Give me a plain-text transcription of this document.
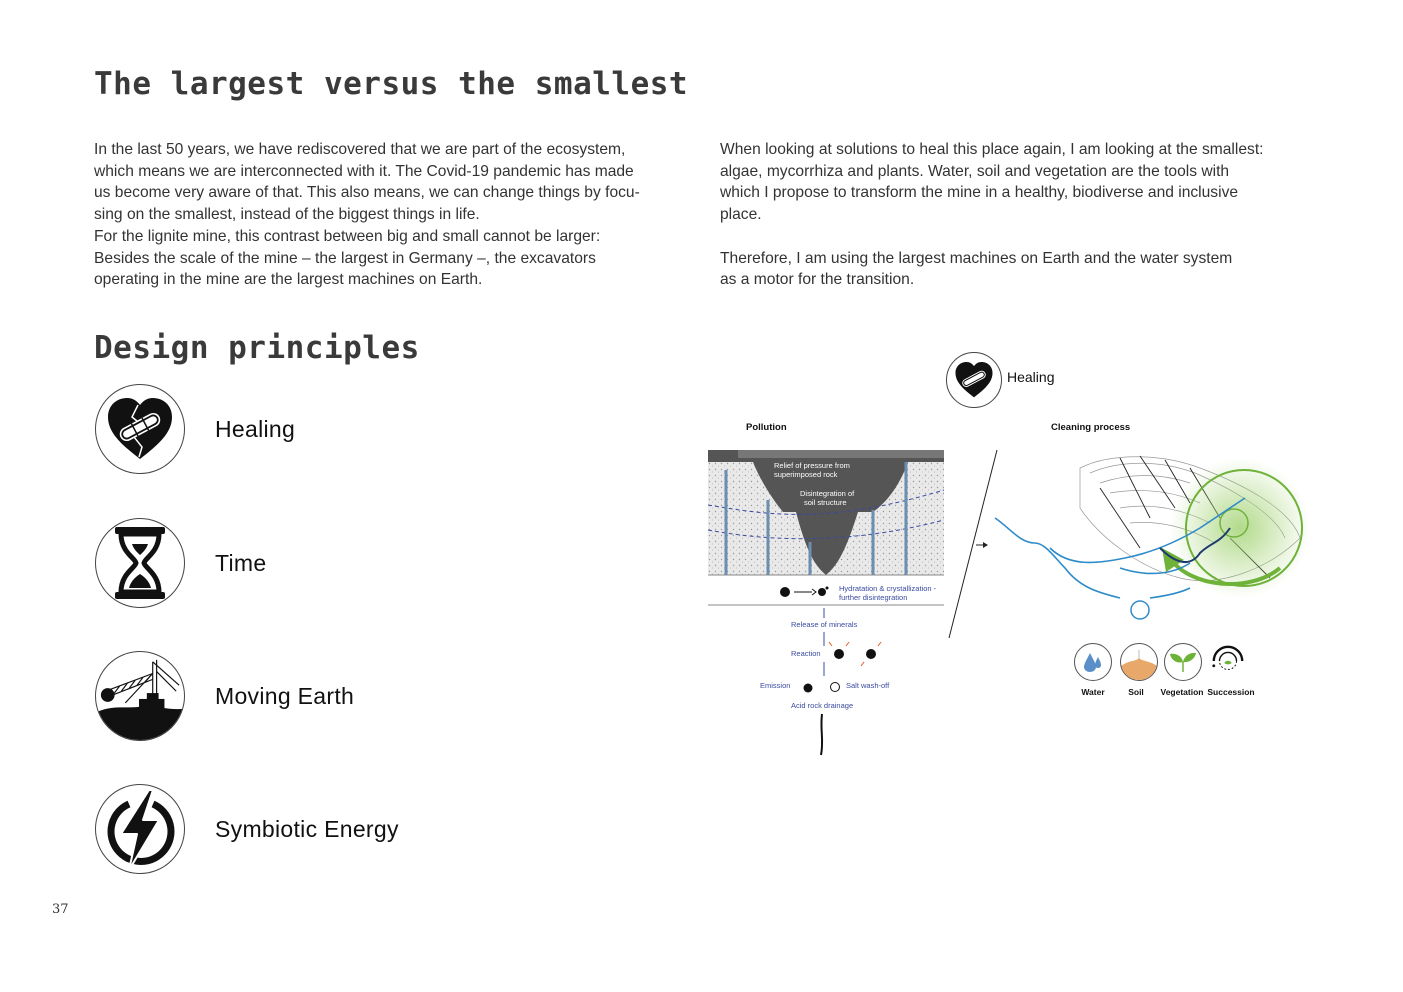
The largest versus the smallest

In the last 50 years, we have rediscovered that we are part of the ecosystem,

which means we are interconnected with it. The Covid-19 pandemic has made

us become very aware of that. This also means, we can change things by focu-

sing on the smallest, instead of the biggest things in life.

For the lignite mine, this contrast between big and small cannot be larger:

Besides the scale of the mine – the largest in Germany –, the excavators

operating in the mine are the largest machines on Earth.

When looking at solutions to heal this place again, I am looking at the smallest:

algae, mycorrhiza and plants. Water, soil and vegetation are the tools with

which I propose to transform the mine in a healthy, biodiverse and inclusive

place.

Therefore, I am using the largest machines on Earth and the water system

as a motor for the transition.

Design principles
Healing
Time
Moving Earth
Symbiotic Energy
Healing
Pollution	Cleaning process
Relief of pressure from
superimposed rock
Disintegration of
soil structure
Hydratation & crystallization -
further disintegration
Release of minerals
Reaction
Emission	Salt wash-off
Acid rock drainage
Water	Soil	Vegetation Succession
37
